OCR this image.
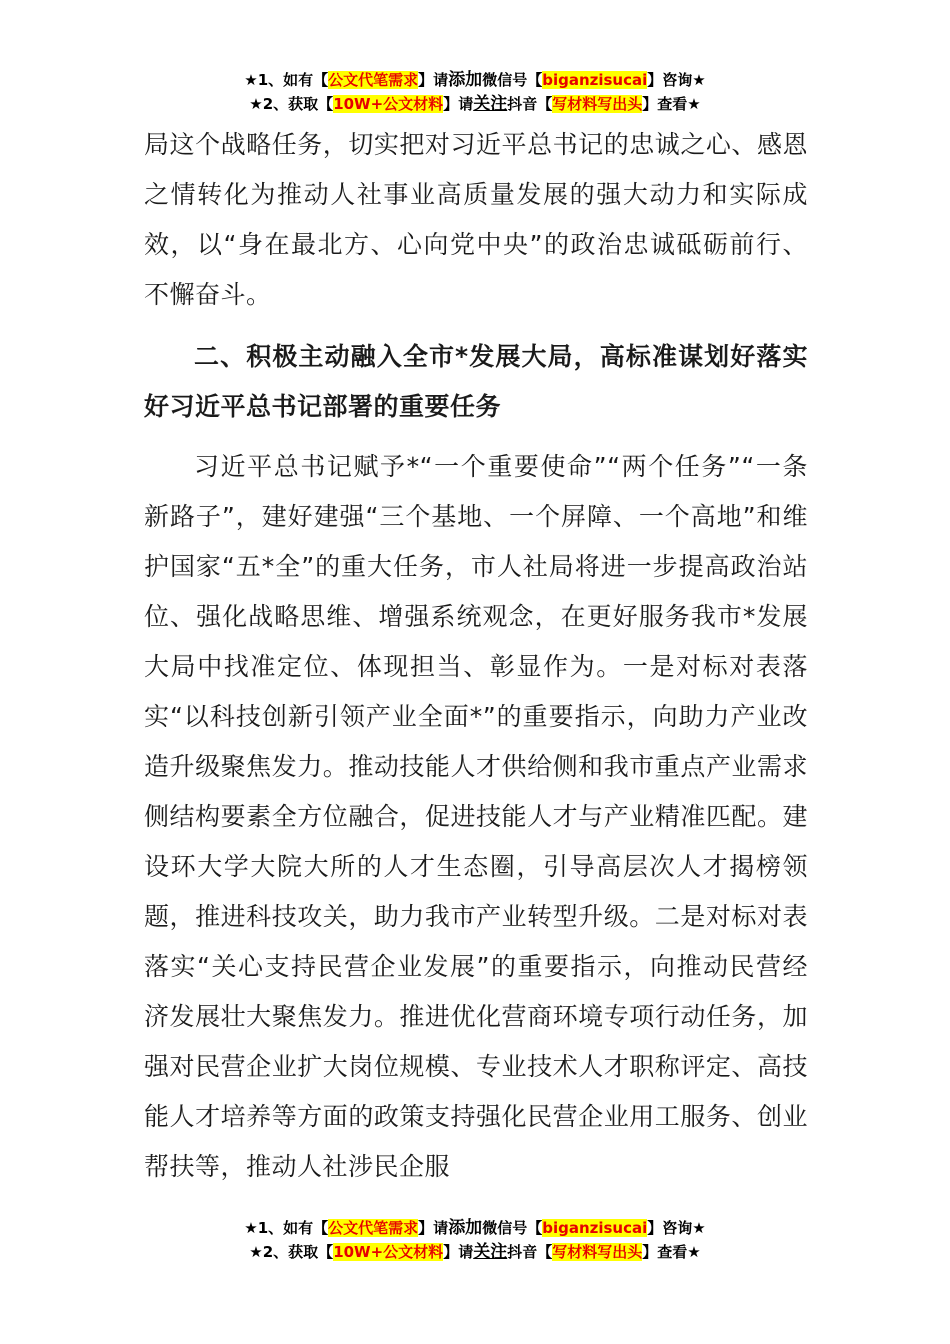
★1、如有【公文代笔需求】请添加微信号【biganzisucai】咨询★
★2、获取【10W+公文材料】请关注抖音【写材料写出头】查看★

局这个战略任务，切实把对习近平总书记的忠诚之心、感恩之情转化为推动人社事业高质量发展的强大动力和实际成效，以“身在最北方、心向党中央”的政治忠诚砥砺前行、不懈奋斗。

二、积极主动融入全市*发展大局，高标准谋划好落实好习近平总书记部署的重要任务

习近平总书记赋予*“一个重要使命”“两个任务”“一条新路子”，建好建强“三个基地、一个屏障、一个高地”和维护国家“五*全”的重大任务，市人社局将进一步提高政治站位、强化战略思维、增强系统观念，在更好服务我市*发展大局中找准定位、体现担当、彰显作为。一是对标对表落实“以科技创新引领产业全面*”的重要指示，向助力产业改造升级聚焦发力。推动技能人才供给侧和我市重点产业需求侧结构要素全方位融合，促进技能人才与产业精准匹配。建设环大学大院大所的人才生态圈，引导高层次人才揭榜领题，推进科技攻关，助力我市产业转型升级。二是对标对表落实“关心支持民营企业发展”的重要指示，向推动民营经济发展壮大聚焦发力。推进优化营商环境专项行动任务，加强对民营企业扩大岗位规模、专业技术人才职称评定、高技能人才培养等方面的政策支持强化民营企业用工服务、创业帮扶等，推动人社涉民企服

★1、如有【公文代笔需求】请添加微信号【biganzisucai】咨询★
★2、获取【10W+公文材料】请关注抖音【写材料写出头】查看★
